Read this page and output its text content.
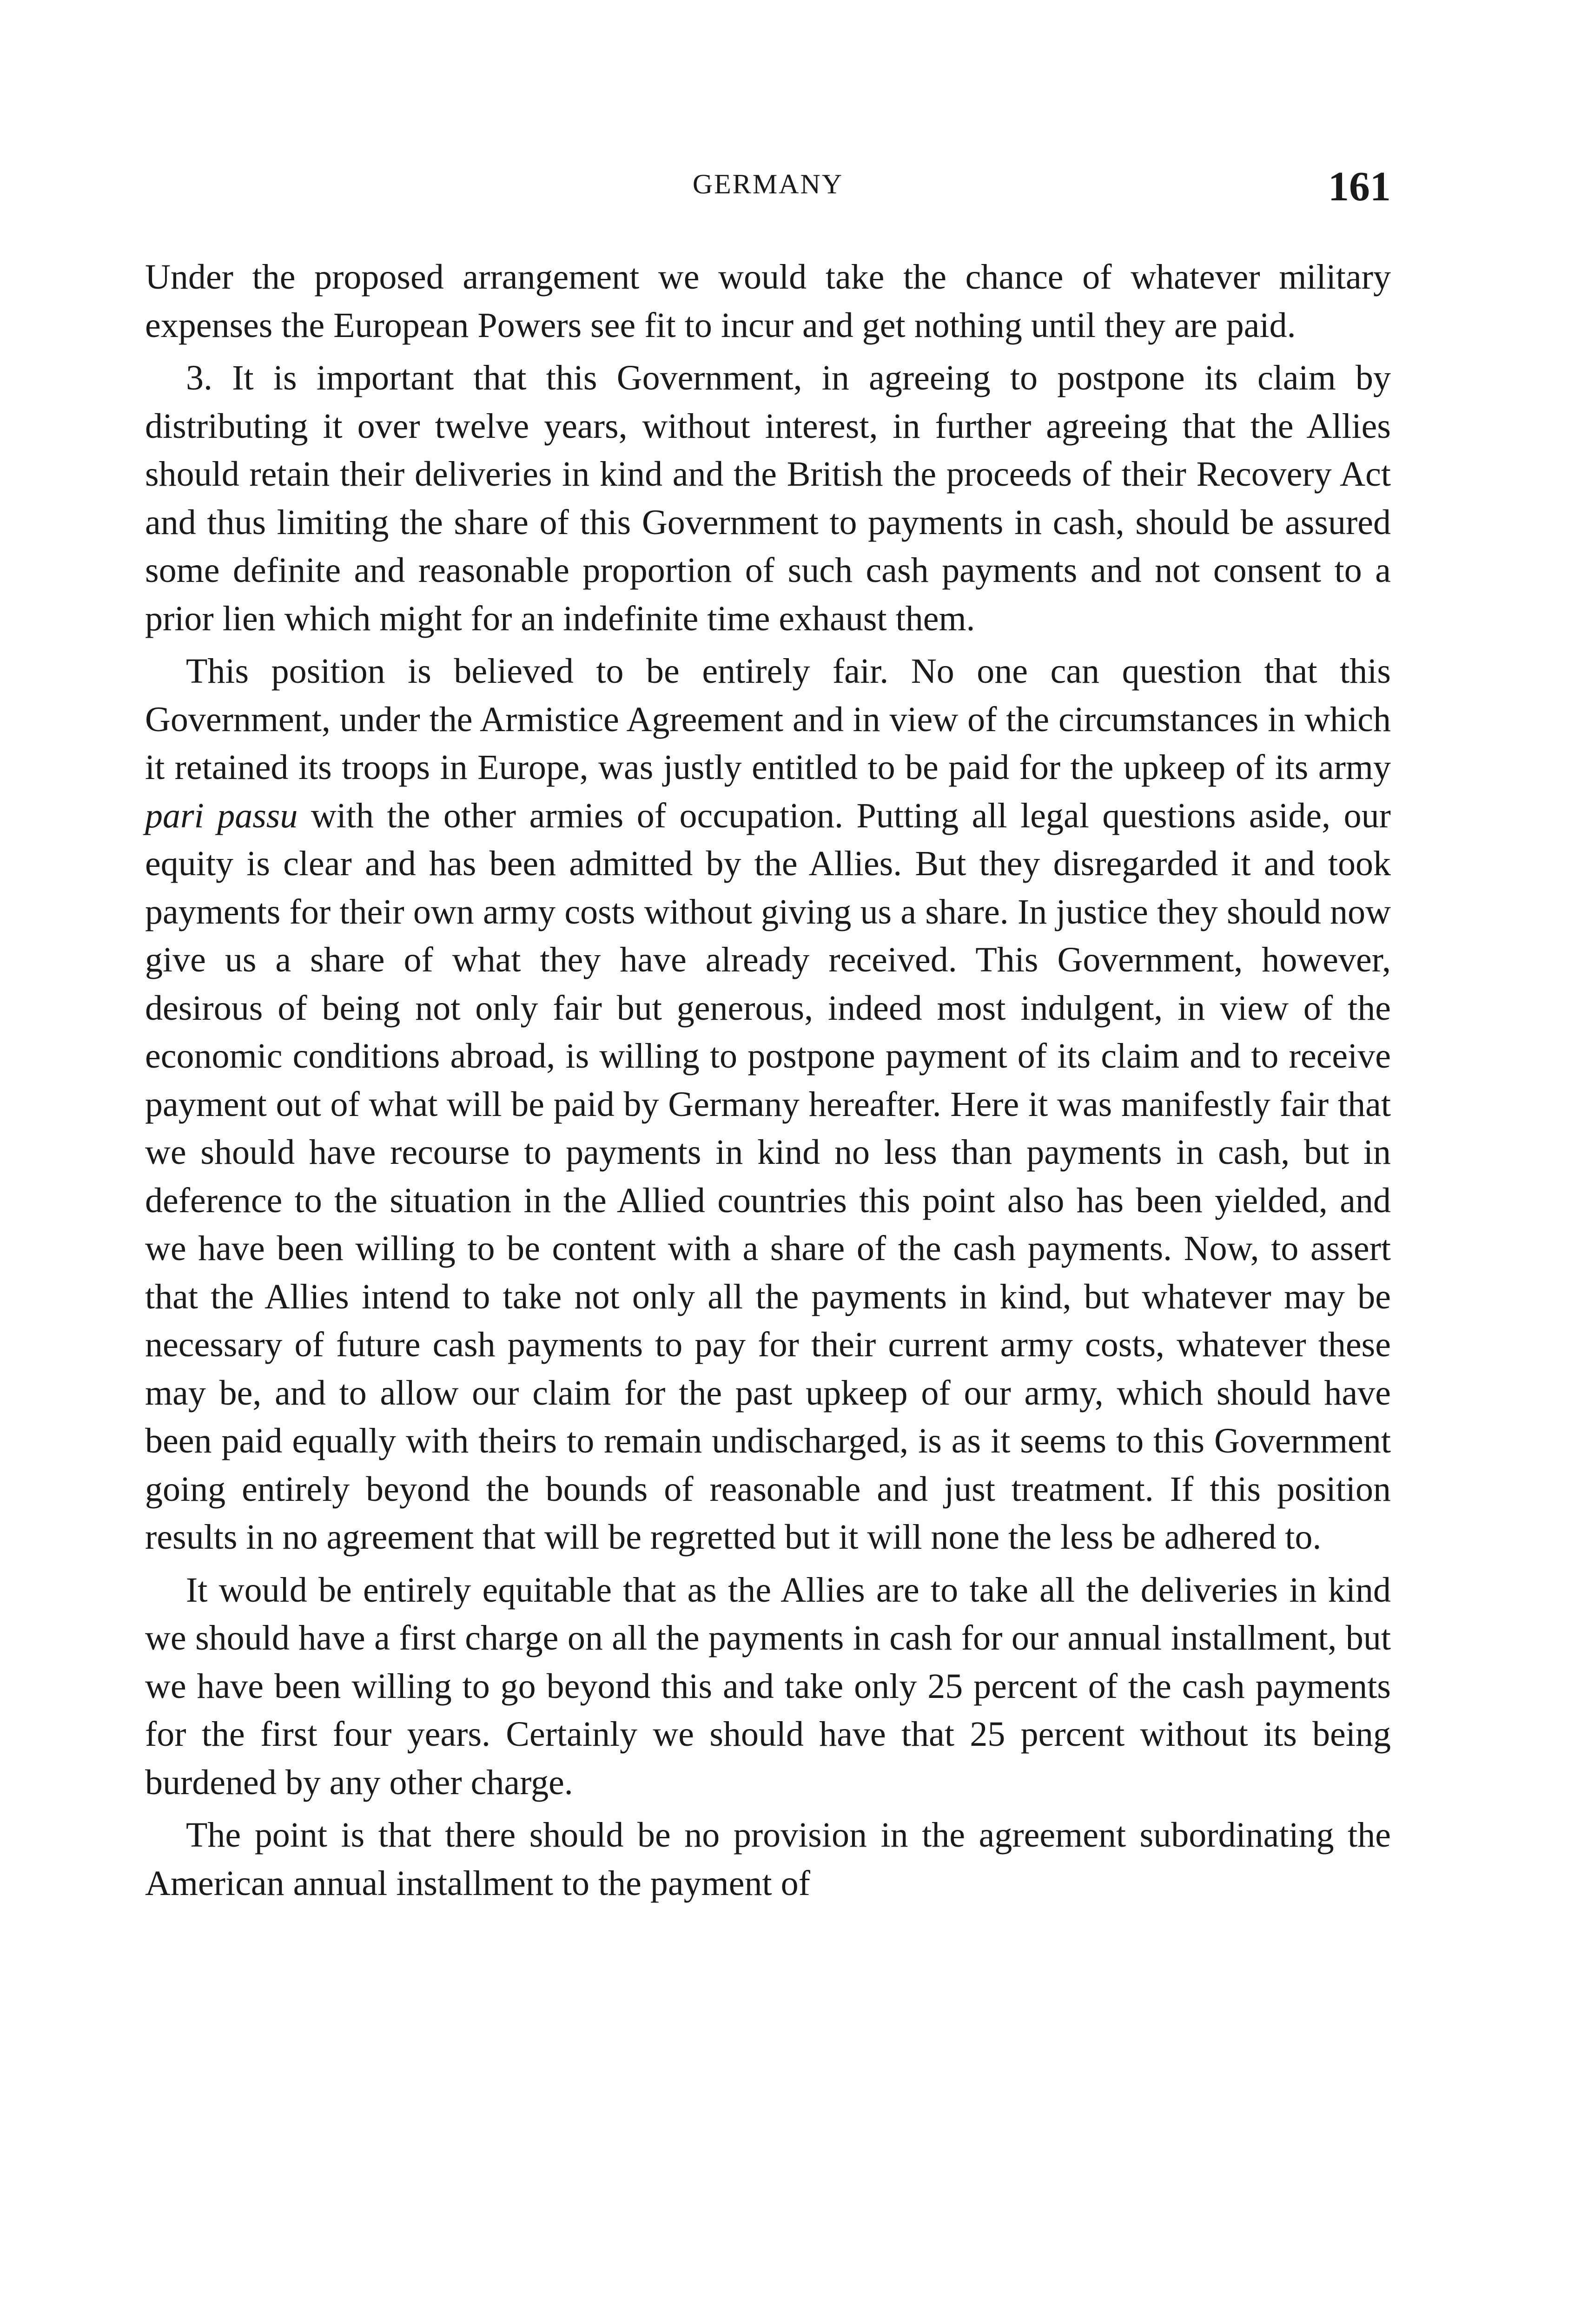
GERMANY	161

Under the proposed arrangement we would take the chance of whatever military expenses the European Powers see fit to incur and get nothing until they are paid.

3. It is important that this Government, in agreeing to postpone its claim by distributing it over twelve years, without interest, in further agreeing that the Allies should retain their deliveries in kind and the British the proceeds of their Recovery Act and thus limiting the share of this Government to payments in cash, should be assured some definite and reasonable proportion of such cash payments and not consent to a prior lien which might for an indefinite time exhaust them.

This position is believed to be entirely fair. No one can question that this Government, under the Armistice Agreement and in view of the circumstances in which it retained its troops in Europe, was justly entitled to be paid for the upkeep of its army pari passu with the other armies of occupation. Putting all legal questions aside, our equity is clear and has been admitted by the Allies. But they disregarded it and took payments for their own army costs without giving us a share. In justice they should now give us a share of what they have already received. This Government, however, desirous of being not only fair but generous, indeed most indulgent, in view of the economic conditions abroad, is willing to postpone payment of its claim and to receive payment out of what will be paid by Germany hereafter. Here it was manifestly fair that we should have recourse to payments in kind no less than payments in cash, but in deference to the situation in the Allied countries this point also has been yielded, and we have been willing to be content with a share of the cash payments. Now, to assert that the Allies intend to take not only all the payments in kind, but whatever may be necessary of future cash payments to pay for their current army costs, whatever these may be, and to allow our claim for the past upkeep of our army, which should have been paid equally with theirs to remain undischarged, is as it seems to this Government going entirely beyond the bounds of reasonable and just treatment. If this position results in no agreement that will be regretted but it will none the less be adhered to.

It would be entirely equitable that as the Allies are to take all the deliveries in kind we should have a first charge on all the payments in cash for our annual installment, but we have been willing to go beyond this and take only 25 percent of the cash payments for the first four years. Certainly we should have that 25 percent without its being burdened by any other charge.

The point is that there should be no provision in the agreement subordinating the American annual installment to the payment of
